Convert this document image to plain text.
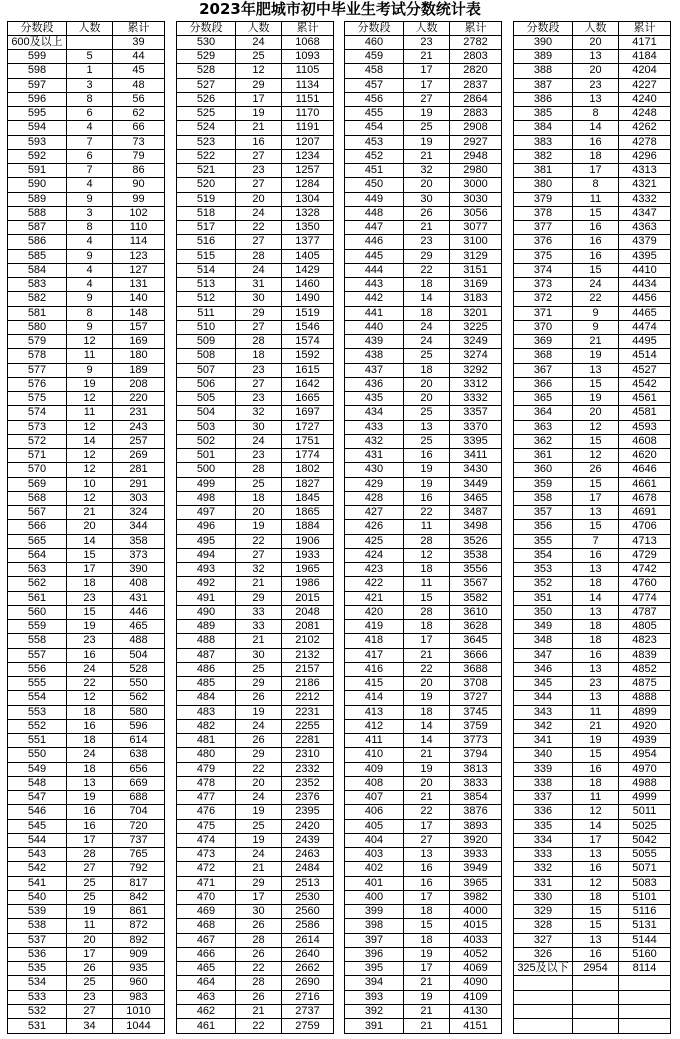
2023年肥城市初中毕业生考试分数统计表
分数段	人数	累计
600及以上		39
599	5	44
598	1	45
597	3	48
596	8	56
595	6	62
594	4	66
593	7	73
592	6	79
591	7	86
590	4	90
589	9	99
588	3	102
587	8	110
586	4	114
585	9	123
584	4	127
583	4	131
582	9	140
581	8	148
580	9	157
579	12	169
578	11	180
577	9	189
576	19	208
575	12	220
574	11	231
573	12	243
572	14	257
571	12	269
570	12	281
569	10	291
568	12	303
567	21	324
566	20	344
565	14	358
564	15	373
563	17	390
562	18	408
561	23	431
560	15	446
559	19	465
558	23	488
557	16	504
556	24	528
555	22	550
554	12	562
553	18	580
552	16	596
551	18	614
550	24	638
549	18	656
548	13	669
547	19	688
546	16	704
545	16	720
544	17	737
543	28	765
542	27	792
541	25	817
540	25	842
539	19	861
538	11	872
537	20	892
536	17	909
535	26	935
534	25	960
533	23	983
532	27	1010
531	34	1044
分数段	人数	累计
530	24	1068
529	25	1093
528	12	1105
527	29	1134
526	17	1151
525	19	1170
524	21	1191
523	16	1207
522	27	1234
521	23	1257
520	27	1284
519	20	1304
518	24	1328
517	22	1350
516	27	1377
515	28	1405
514	24	1429
513	31	1460
512	30	1490
511	29	1519
510	27	1546
509	28	1574
508	18	1592
507	23	1615
506	27	1642
505	23	1665
504	32	1697
503	30	1727
502	24	1751
501	23	1774
500	28	1802
499	25	1827
498	18	1845
497	20	1865
496	19	1884
495	22	1906
494	27	1933
493	32	1965
492	21	1986
491	29	2015
490	33	2048
489	33	2081
488	21	2102
487	30	2132
486	25	2157
485	29	2186
484	26	2212
483	19	2231
482	24	2255
481	26	2281
480	29	2310
479	22	2332
478	20	2352
477	24	2376
476	19	2395
475	25	2420
474	19	2439
473	24	2463
472	21	2484
471	29	2513
470	17	2530
469	30	2560
468	26	2586
467	28	2614
466	26	2640
465	22	2662
464	28	2690
463	26	2716
462	21	2737
461	22	2759
分数段	人数	累计
460	23	2782
459	21	2803
458	17	2820
457	17	2837
456	27	2864
455	19	2883
454	25	2908
453	19	2927
452	21	2948
451	32	2980
450	20	3000
449	30	3030
448	26	3056
447	21	3077
446	23	3100
445	29	3129
444	22	3151
443	18	3169
442	14	3183
441	18	3201
440	24	3225
439	24	3249
438	25	3274
437	18	3292
436	20	3312
435	20	3332
434	25	3357
433	13	3370
432	25	3395
431	16	3411
430	19	3430
429	19	3449
428	16	3465
427	22	3487
426	11	3498
425	28	3526
424	12	3538
423	18	3556
422	11	3567
421	15	3582
420	28	3610
419	18	3628
418	17	3645
417	21	3666
416	22	3688
415	20	3708
414	19	3727
413	18	3745
412	14	3759
411	14	3773
410	21	3794
409	19	3813
408	20	3833
407	21	3854
406	22	3876
405	17	3893
404	27	3920
403	13	3933
402	16	3949
401	16	3965
400	17	3982
399	18	4000
398	15	4015
397	18	4033
396	19	4052
395	17	4069
394	21	4090
393	19	4109
392	21	4130
391	21	4151
分数段	人数	累计
390	20	4171
389	13	4184
388	20	4204
387	23	4227
386	13	4240
385	8	4248
384	14	4262
383	16	4278
382	18	4296
381	17	4313
380	8	4321
379	11	4332
378	15	4347
377	16	4363
376	16	4379
375	16	4395
374	15	4410
373	24	4434
372	22	4456
371	9	4465
370	9	4474
369	21	4495
368	19	4514
367	13	4527
366	15	4542
365	19	4561
364	20	4581
363	12	4593
362	15	4608
361	12	4620
360	26	4646
359	15	4661
358	17	4678
357	13	4691
356	15	4706
355	7	4713
354	16	4729
353	13	4742
352	18	4760
351	14	4774
350	13	4787
349	18	4805
348	18	4823
347	16	4839
346	13	4852
345	23	4875
344	13	4888
343	11	4899
342	21	4920
341	19	4939
340	15	4954
339	16	4970
338	18	4988
337	11	4999
336	12	5011
335	14	5025
334	17	5042
333	13	5055
332	16	5071
331	12	5083
330	18	5101
329	15	5116
328	15	5131
327	13	5144
326	16	5160
325及以下	2954	8114
